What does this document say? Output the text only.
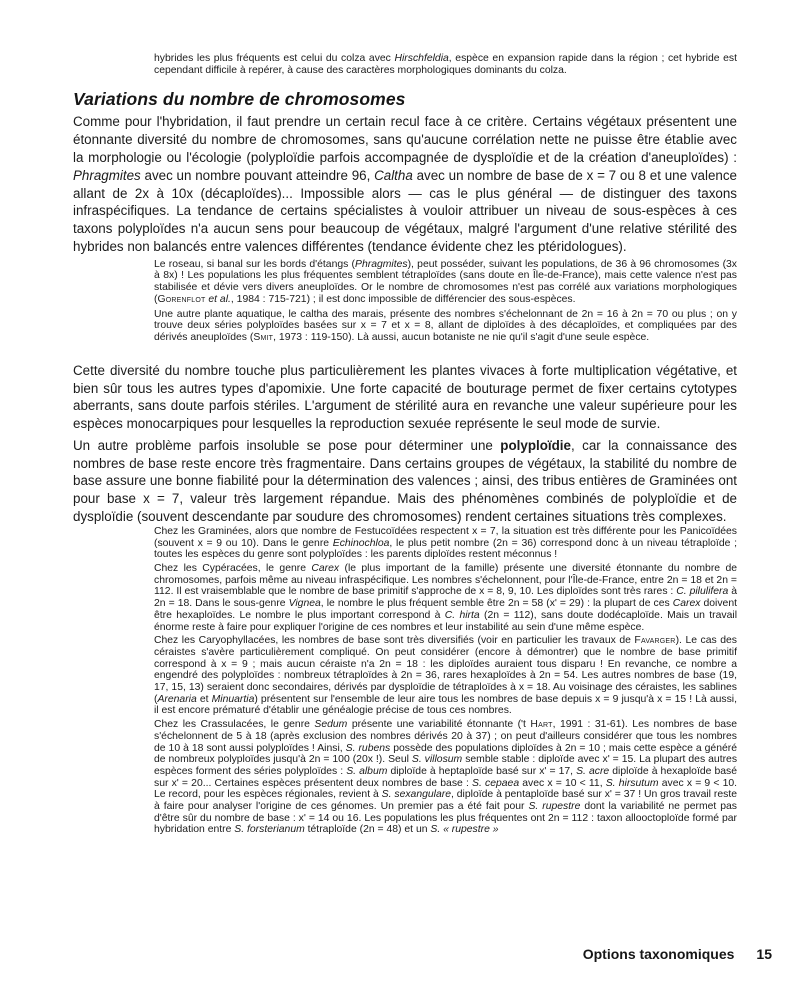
hybrides les plus fréquents est celui du colza avec Hirschfeldia, espèce en expansion rapide dans la région ; cet hybride est cependant difficile à repérer, à cause des caractères morphologiques dominants du colza.
Variations du nombre de chromosomes

Comme pour l'hybridation, il faut prendre un certain recul face à ce critère. Certains végétaux présentent une étonnante diversité du nombre de chromosomes, sans qu'aucune corrélation nette ne puisse être établie avec la morphologie ou l'écologie (polyploïdie parfois accompagnée de dysploïdie et de la création d'aneuploïdes) : Phragmites avec un nombre pouvant atteindre 96, Caltha avec un nombre de base de x = 7 ou 8 et une valence allant de 2x à 10x (décaploïdes)... Impossible alors — cas le plus général — de distinguer des taxons infraspécifiques. La tendance de certains spécialistes à vouloir attribuer un niveau de sous-espèces à ces taxons polyploïdes n'a aucun sens pour beaucoup de végétaux, malgré l'argument d'une relative stérilité des hybrides non balancés entre valences différentes (tendance évidente chez les ptéridologues).

Le roseau, si banal sur les bords d'étangs (Phragmites), peut posséder, suivant les populations, de 36 à 96 chromosomes (3x à 8x) ! Les populations les plus fréquentes semblent tétraploïdes (sans doute en Île-de-France), mais cette valence n'est pas stabilisée et dévie vers divers aneuploïdes. Or le nombre de chromosomes n'est pas corrélé aux variations morphologiques (Gorenflot et al., 1984 : 715-721) ; il est donc impossible de différencier des sous-espèces.
Une autre plante aquatique, le caltha des marais, présente des nombres s'échelonnant de 2n = 16 à 2n = 70 ou plus ; on y trouve deux séries polyploïdes basées sur x = 7 et x = 8, allant de diploïdes à des décaploïdes, et compliquées par des dérivés aneuploïdes (Smit, 1973 : 119-150). Là aussi, aucun botaniste ne nie qu'il s'agit d'une seule espèce.

Cette diversité du nombre touche plus particulièrement les plantes vivaces à forte multiplication végétative, et bien sûr tous les autres types d'apomixie. Une forte capacité de bouturage permet de fixer certains cytotypes aberrants, sans doute parfois stériles. L'argument de stérilité aura en revanche une valeur supérieure pour les espèces monocarpiques pour lesquelles la reproduction sexuée représente le seul mode de survie.

Un autre problème parfois insoluble se pose pour déterminer une polyploïdie, car la connaissance des nombres de base reste encore très fragmentaire. Dans certains groupes de végétaux, la stabilité du nombre de base assure une bonne fiabilité pour la détermination des valences ; ainsi, des tribus entières de Graminées ont pour base x = 7, valeur très largement répandue. Mais des phénomènes combinés de polyploïdie et de dysploïdie (souvent descendante par soudure des chromosomes) rendent certaines situations très complexes.

Chez les Graminées, alors que nombre de Festucoïdées respectent x = 7, la situation est très différente pour les Panicoïdées (souvent x = 9 ou 10). Dans le genre Echinochloa, le plus petit nombre (2n = 36) correspond donc à un niveau tétraploïde ; toutes les espèces du genre sont polyploïdes : les parents diploïdes restent méconnus !
Chez les Cypéracées, le genre Carex (le plus important de la famille) présente une diversité étonnante du nombre de chromosomes, parfois même au niveau infraspécifique. Les nombres s'échelonnent, pour l'Île-de-France, entre 2n = 18 et 2n = 112. Il est vraisemblable que le nombre de base primitif s'approche de x = 8, 9, 10. Les diploïdes sont très rares : C. pilulifera à 2n = 18. Dans le sous-genre Vignea, le nombre le plus fréquent semble être 2n = 58 (x' = 29) : la plupart de ces Carex doivent être hexaploïdes. Le nombre le plus important correspond à C. hirta (2n = 112), sans doute dodécaploïde. Mais un travail énorme reste à faire pour expliquer l'origine de ces nombres et leur instabilité au sein d'une même espèce.
Chez les Caryophyllacées, les nombres de base sont très diversifiés (voir en particulier les travaux de Favarger). Le cas des céraistes s'avère particulièrement compliqué. On peut considérer (encore à démontrer) que le nombre de base primitif correspond à x = 9 ; mais aucun céraiste n'a 2n = 18 : les diploïdes auraient tous disparu ! En revanche, ce nombre a engendré des polyploïdes : nombreux tétraploïdes à 2n = 36, rares hexaploïdes à 2n = 54. Les autres nombres de base (19, 17, 15, 13) seraient donc secondaires, dérivés par dysploïdie de tétraploïdes à x = 18. Au voisinage des céraistes, les sablines (Arenaria et Minuartia) présentent sur l'ensemble de leur aire tous les nombres de base depuis x = 9 jusqu'à x = 15 ! Là aussi, il est encore prématuré d'établir une généalogie précise de tous ces nombres.
Chez les Crassulacées, le genre Sedum présente une variabilité étonnante ('t Hart, 1991 : 31-61). Les nombres de base s'échelonnent de 5 à 18 (après exclusion des nombres dérivés 20 à 37) ; on peut d'ailleurs considérer que tous les nombres de 10 à 18 sont aussi polyploïdes ! Ainsi, S. rubens possède des populations diploïdes à 2n = 10 ; mais cette espèce a généré de nombreux polyploïdes jusqu'à 2n = 100 (20x !). Seul S. villosum semble stable : diploïde avec x' = 15. La plupart des autres espèces forment des séries polyploïdes : S. album diploïde à heptaploïde basé sur x' = 17, S. acre diploïde à hexaploïde basé sur x' = 20... Certaines espèces présentent deux nombres de base : S. cepaea avec x = 10 < 11, S. hirsutum avec x = 9 < 10. Le record, pour les espèces régionales, revient à S. sexangulare, diploïde à pentaploïde basé sur x' = 37 ! Un gros travail reste à faire pour analyser l'origine de ces génomes. Un premier pas a été fait pour S. rupestre dont la variabilité ne permet pas d'être sûr du nombre de base : x' = 14 ou 16. Les populations les plus fréquentes ont 2n = 112 : taxon allooctoploïde formé par hybridation entre S. forsterianum tétraploïde (2n = 48) et un S. « rupestre »
Options taxonomiques 15
